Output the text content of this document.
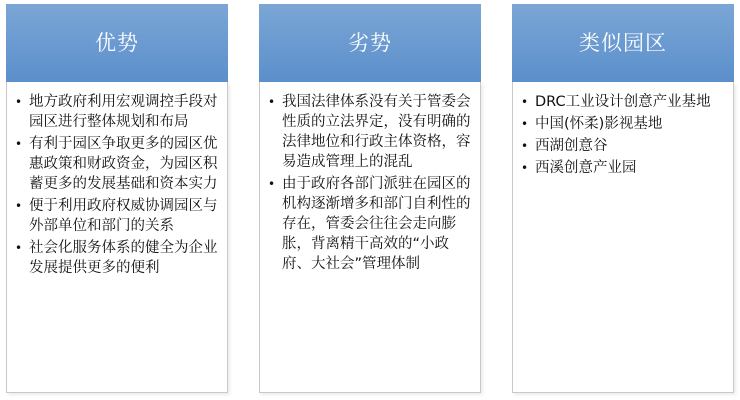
优势
• 地方政府利用宏观调控手段对园区进行整体规划和布局
• 有利于园区争取更多的园区优惠政策和财政资金，为园区积蓄更多的发展基础和资本实力
• 便于利用政府权威协调园区与外部单位和部门的关系
• 社会化服务体系的健全为企业发展提供更多的便利
劣势
• 我国法律体系没有关于管委会性质的立法界定，没有明确的法律地位和行政主体资格，容易造成管理上的混乱
• 由于政府各部门派驻在园区的机构逐渐增多和部门自利性的存在，管委会往往会走向膨胀，背离精干高效的“小政府、大社会”管理体制
类似园区
• DRC工业设计创意产业基地
• 中国(怀柔)影视基地
• 西湖创意谷
• 西溪创意产业园
